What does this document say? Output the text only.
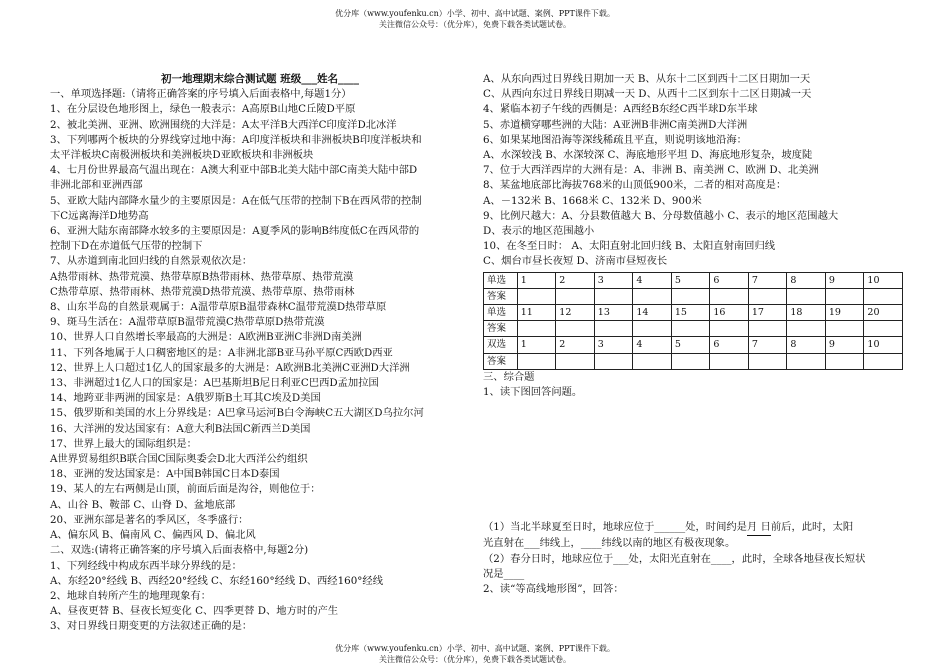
优分库（www.youfenku.cn）小学、初中、高中试题、案例、PPT课件下载。
关注微信公众号：（优分库），免费下载各类试题试卷。
初一地理期末综合测试题 班级___姓名____
一、单项选择题:（请将正确答案的序号填入后面表格中,每题1分）
1、在分层设色地形图上，绿色一般表示：A高原B山地C丘陵D平原
2、被北美洲、亚洲、欧洲围绕的大洋是：A太平洋B大西洋C印度洋D北冰洋
3、下列哪两个板块的分界线穿过地中海：A印度洋板块和非洲板块B印度洋板块和
太平洋板块C南极洲板块和美洲板块D亚欧板块和非洲板块
4、七月份世界最高气温出现在：A澳大利亚中部B北美大陆中部C南美大陆中部D
非洲北部和亚洲西部
5、亚欧大陆内部降水量少的主要原因是：A在低气压带的控制下B在西风带的控制
下C远离海洋D地势高
6、亚洲大陆东南部降水较多的主要原因是：A夏季风的影响B纬度低C在西风带的
控制下D在赤道低气压带的控制下
7、从赤道到南北回归线的自然景观依次是：
A热带雨林、热带荒漠、热带草原B热带雨林、热带草原、热带荒漠
C热带草原、热带雨林、热带荒漠D热带荒漠、热带草原、热带雨林
8、山东半岛的自然景观属于：A温带草原B温带森林C温带荒漠D热带草原
9、斑马生活在：A温带草原B温带荒漠C热带草原D热带荒漠
10、世界人口自然增长率最高的大洲是：A欧洲B亚洲C非洲D南美洲
11、下列各地属于人口稠密地区的是：A非洲北部B亚马孙平原C西欧D西亚
12、世界上人口超过1亿人的国家最多的大洲是：A欧洲B北美洲C亚洲D大洋洲
13、非洲超过1亿人口的国家是：A巴基斯坦B尼日利亚C巴西D孟加拉国
14、地跨亚非两洲的国家是：A俄罗斯B土耳其C埃及D美国
15、俄罗斯和美国的水上分界线是：A巴拿马运河B白令海峡C五大湖区D乌拉尔河
16、大洋洲的发达国家有：A意大利B法国C新西兰D美国
17、世界上最大的国际组织是：
A世界贸易组织B联合国C国际奥委会D北大西洋公约组织
18、亚洲的发达国家是：A中国B韩国C日本D泰国
19、某人的左右两侧是山顶，前面后面是沟谷，则他位于：
A、山谷 B、鞍部 C、山脊 D、盆地底部
20、亚洲东部是著名的季风区，冬季盛行：
A、偏东风 B、偏南风 C、偏西风 D、偏北风
二、双选:(请将正确答案的序号填入后面表格中,每题2分)
1、下列经线中构成东西半球分界线的是：
A、东经20°经线 B、西经20°经线 C、东经160°经线 D、西经160°经线
2、地球自转所产生的地理现象有：
A、昼夜更替 B、昼夜长短变化 C、四季更替 D、地方时的产生
3、对日界线日期变更的方法叙述正确的是：
A、从东向西过日界线日期加一天 B、从东十二区到西十二区日期加一天
C、从西向东过日界线日期减一天 D、从西十二区到东十二区日期减一天
4、紧临本初子午线的西侧是：A西经B东经C西半球D东半球
5、赤道横穿哪些洲的大陆：A亚洲B非洲C南美洲D大洋洲
6、如果某地图沿海等深线稀疏且平直，则说明该地沿海：
A、水深较浅 B、水深较深 C、海底地形平坦 D、海底地形复杂，坡度陡
7、位于大西洋西岸的大洲有是：A、非洲 B、南美洲 C、欧洲 D、北美洲
8、某盆地底部比海拔768米的山顶低900米，二者的相对高度是：
A、－132米 B、1668米 C、132米 D、900米
9、比例尺越大：A、分县数值越大 B、分母数值越小 C、表示的地区范围越大
D、表示的地区范围越小
10、在冬至日时： A、太阳直射北回归线 B、太阳直射南回归线
C、烟台市昼长夜短 D、济南市昼短夜长
单选	1	2	3	4	5	6	7	8	9	10
答案										
单选	11	12	13	14	15	16	17	18	19	20
答案										
双选	1	2	3	4	5	6	7	8	9	10
答案										
三、综合题
1、读下图回答问题。
（1）当北半球夏至日时，地球应位于______处，时间约是月 日前后，此时，太阳
光直射在___纬线上，____纬线以南的地区有极夜现象。
（2）春分日时，地球应位于___处，太阳光直射在____，此时，全球各地昼夜长短状
况是____
2、读“等高线地形图”，回答：
优分库（www.youfenku.cn）小学、初中、高中试题、案例、PPT课件下载。
关注微信公众号：（优分库），免费下载各类试题试卷。
